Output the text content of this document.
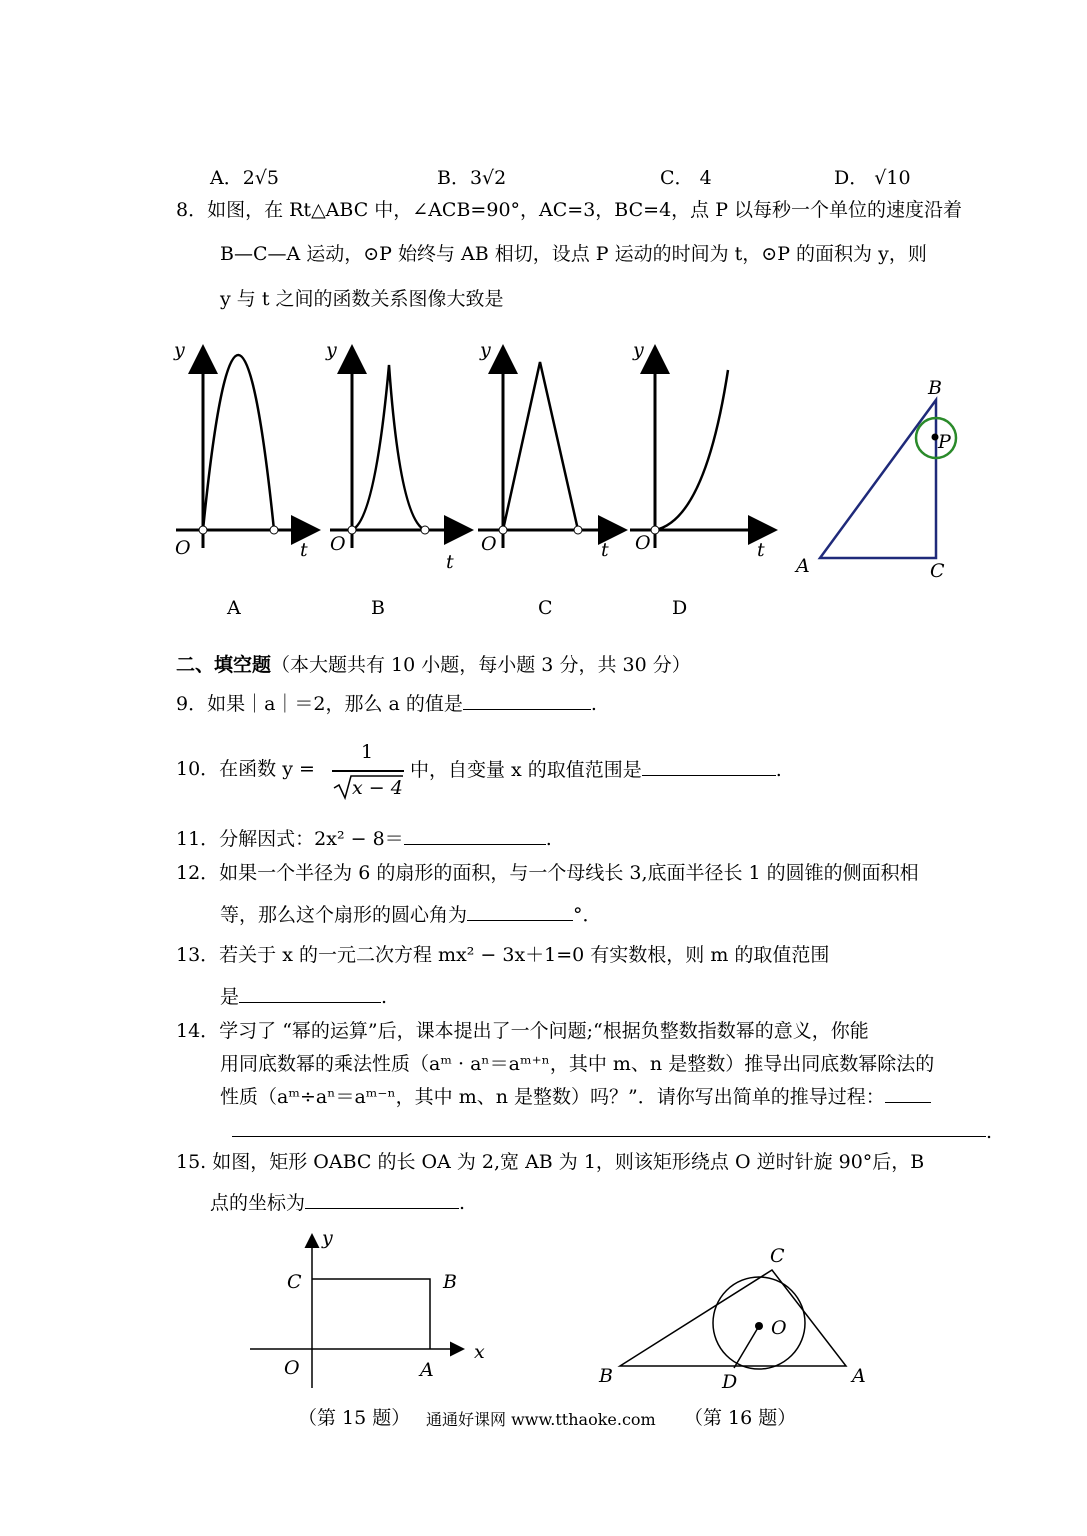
A．2√5	B．3√2	C． 4	D． √10
8．如图，在 Rt△ABC 中，∠ACB=90°，AC=3，BC=4，点 P 以每秒一个单位的速度沿着
B—C—A 运动，⊙P 始终与 AB 相切，设点 P 运动的时间为 t，⊙P 的面积为 y，则
y 与 t 之间的函数关系图像大致是
y
O	t
A
y
O
t
B
y
O	t
C
y
O	t
D
B
P
A	C
二、填空题（本大题共有 10 小题，每小题 3 分，共 30 分）
9．如果｜a｜＝2，那么 a 的值是	.
10．在函数 y =
1
x − 4
中，自变量 x 的取值范围是	.
11．分解因式：2x² − 8＝	.
12．如果一个半径为 6 的扇形的面积，与一个母线长 3,底面半径长 1 的圆锥的侧面积相
等，那么这个扇形的圆心角为	°．
13．若关于 x 的一元二次方程 mx² − 3x＋1=0 有实数根，则 m 的取值范围
是	.
14．学习了 “幂的运算”后，课本提出了一个问题;“根据负整数指数幂的意义，你能
用同底数幂的乘法性质（aᵐ · aⁿ＝aᵐ⁺ⁿ，其中 m、n 是整数）推导出同底数幂除法的
性质（aᵐ÷aⁿ＝aᵐ⁻ⁿ，其中 m、n 是整数）吗？”．请你写出简单的推导过程：
.
15. 如图，矩形 OABC 的长 OA 为 2,宽 AB 为 1，则该矩形绕点 O 逆时针旋 90°后，B
点的坐标为	.
y
C	B
x
O	A
C
O
B	D	A
（第 15 题） 通通好课网 www.tthaoke.com （第 16 题）
